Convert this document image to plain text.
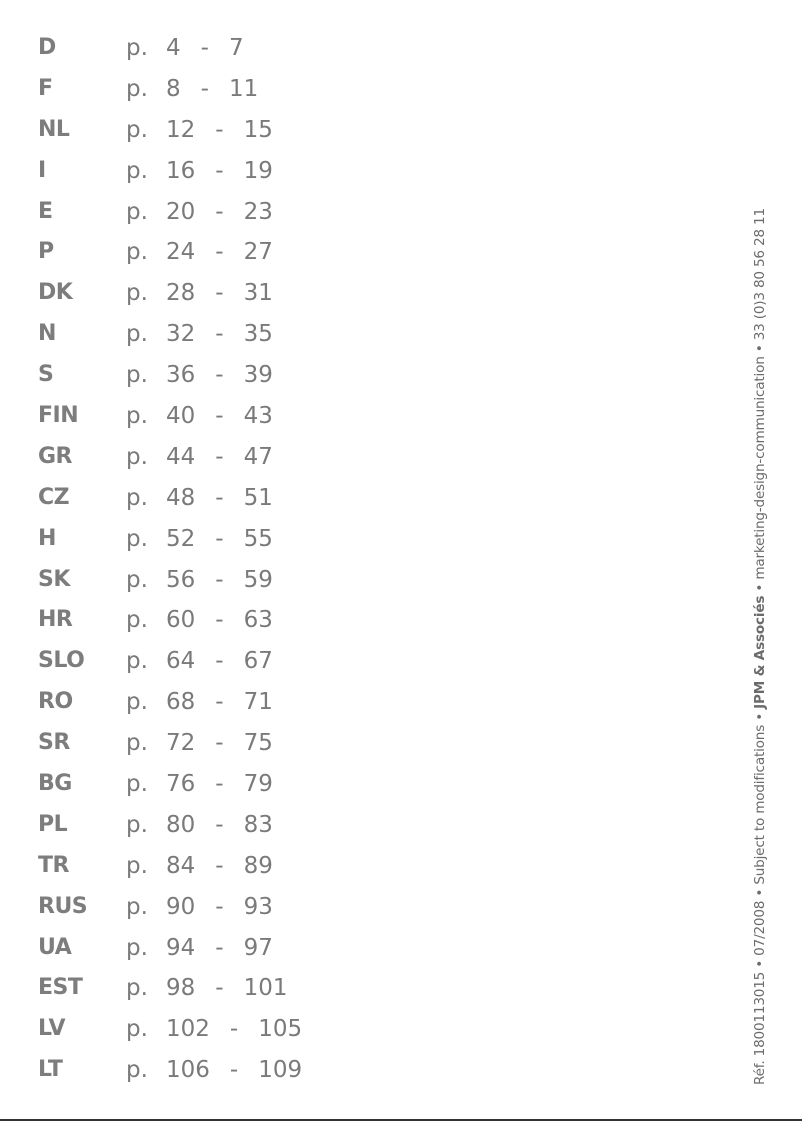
D	p. 4 - 7
F	p. 8 - 11
NL p. 12 - 15
I	p. 16 - 19
E	p. 20 - 23
P	p. 24 - 27
DK p. 28 - 31
N	p. 32 - 35
S	p. 36 - 39
FIN p. 40 - 43
GR p. 44 - 47
CZ p. 48 - 51
H	p. 52 - 55
SK p. 56 - 59
HR p. 60 - 63
SLO p. 64 - 67
RO p. 68 - 71
SR p. 72 - 75
BG p. 76 - 79
PL	p. 80 - 83
TR p. 84 - 89
RUS p. 90 - 93
UA p. 94 - 97
EST p. 98 - 101
LV	p. 102 - 105
LT	p. 106 - 109	Réf. 1800113015 • 07/2008 • Subject to modifications • JPM & Associés • marketing-design-communication • 33 (0)3 80 56 28 11
